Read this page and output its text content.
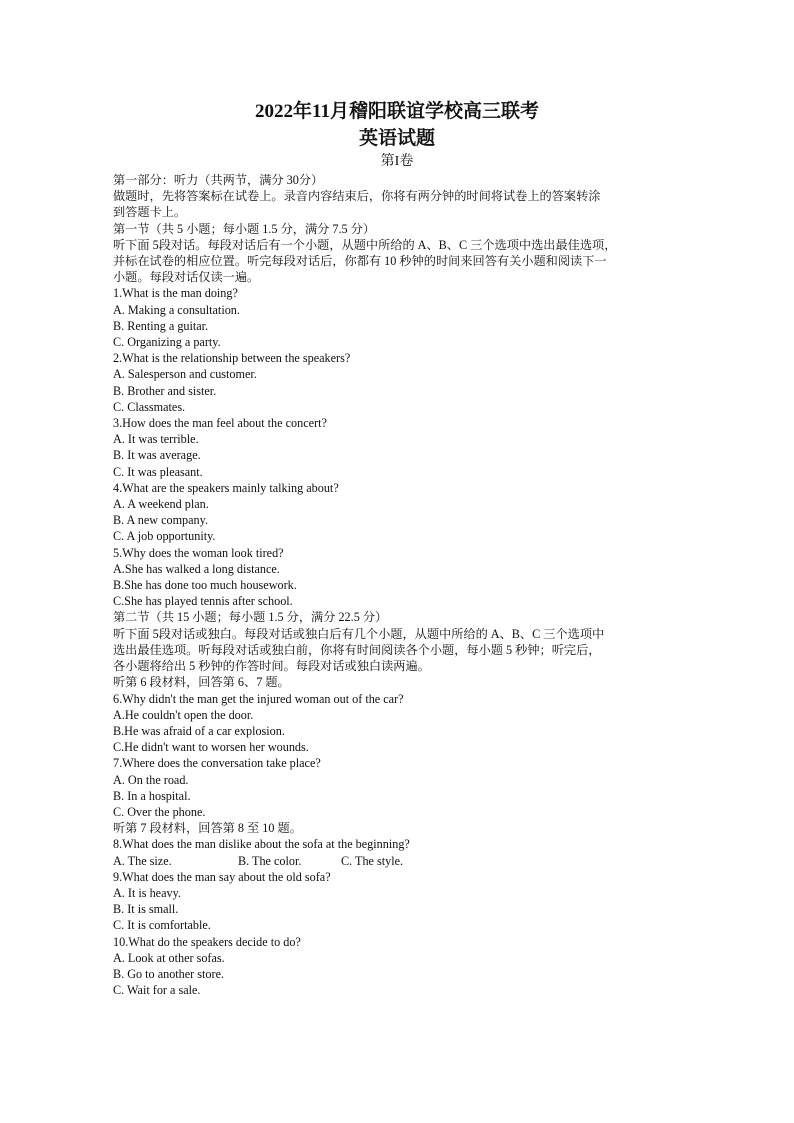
2022年11月稽阳联谊学校高三联考
英语试题
第I卷
第一部分：听力（共两节，满分 30分）
做题时，先将答案标在试卷上。录音内容结束后，你将有两分钟的时间将试卷上的答案转涂
到答题卡上。
第一节（共 5 小题；每小题 1.5 分，满分 7.5 分）
听下面 5段对话。每段对话后有一个小题，从题中所给的 A、B、C 三个选项中选出最佳选项，
并标在试卷的相应位置。听完每段对话后，你都有 10 秒钟的时间来回答有关小题和阅读下一
小题。每段对话仅读一遍。
1.What is the man doing?
A. Making a consultation.
B. Renting a guitar.
C. Organizing a party.
2.What is the relationship between the speakers?
A. Salesperson and customer.
B. Brother and sister.
C. Classmates.
3.How does the man feel about the concert?
A. It was terrible.
B. It was average.
C. It was pleasant.
4.What are the speakers mainly talking about?
A. A weekend plan.
B. A new company.
C. A job opportunity.
5.Why does the woman look tired?
A.She has walked a long distance.
B.She has done too much housework.
C.She has played tennis after school.
第二节（共 15 小题；每小题 1.5 分，满分 22.5 分）
听下面 5段对话或独白。每段对话或独白后有几个小题，从题中所给的 A、B、C 三个选项中
选出最佳选项。听每段对话或独白前，你将有时间阅读各个小题，每小题 5 秒钟；听完后，
各小题将给出 5 秒钟的作答时间。每段对话或独白读两遍。
听第 6 段材料，回答第 6、7 题。
6.Why didn't the man get the injured woman out of the car?
A.He couldn't open the door.
B.He was afraid of a car explosion.
C.He didn't want to worsen her wounds.
7.Where does the conversation take place?
A. On the road.
B. In a hospital.
C. Over the phone.
听第 7 段材料，回答第 8 至 10 题。
8.What does the man dislike about the sofa at the beginning?
A. The size.	B. The color.	C. The style.
9.What does the man say about the old sofa?
A. It is heavy.
B. It is small.
C. It is comfortable.
10.What do the speakers decide to do?
A. Look at other sofas.
B. Go to another store.
C. Wait for a sale.
